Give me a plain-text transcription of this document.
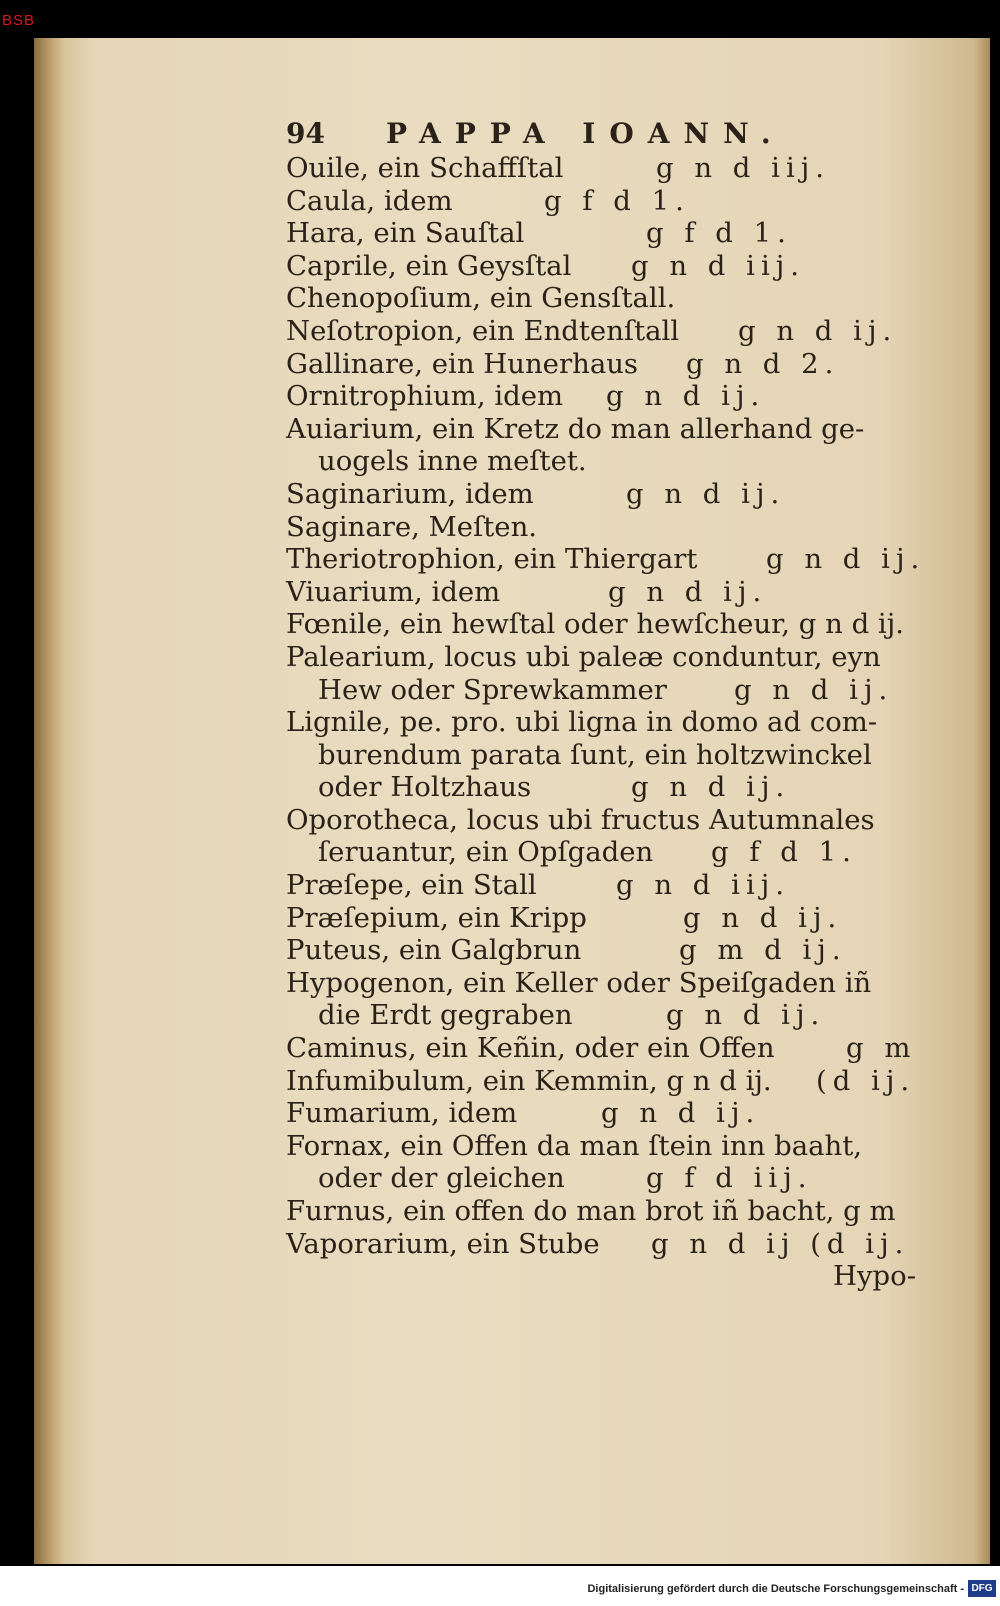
BSB
94	PAPPA IOANN.
Ouile, ein Schaffſtal	g n d iij.
Caula, idem	g f d 1.
Hara, ein Sauſtal	g f d 1.
Caprile, ein Geysſtal g n d iij.
Chenopoſium, ein Gensſtall.
Neſotropion, ein Endtenſtall g n d ij.
Gallinare, ein Hunerhaus g n d 2.
Ornitrophium, idem g n d ij.
Auiarium, ein Kretz do man allerhand ge-
uogels inne meſtet.
Saginarium, idem	g n d ij.
Saginare, Meſten.
Theriotrophion, ein Thiergart g n d ij.
Viuarium, idem	g n d ij.
Fœnile, ein hewſtal oder hewſcheur, g n d ij.
Palearium, locus ubi paleæ conduntur, eyn
Hew oder Sprewkammer g n d ij.
Lignile, pe. pro. ubi ligna in domo ad com-
burendum parata ſunt, ein holtzwinckel
oder Holtzhaus	g n d ij.
Oporotheca, locus ubi fructus Autumnales
ſeruantur, ein Opſgaden g f d 1.
Præſepe, ein Stall	g n d iij.
Præſepium, ein Kripp	g n d ij.
Puteus, ein Galgbrun	g m d ij.
Hypogenon, ein Keller oder Speiſgaden iñ
die Erdt gegraben	g n d ij.
Caminus, ein Keñin, oder ein Offen	g m
Infumibulum, ein Kemmin, g n d ij. (d ij.
Fumarium, idem	g n d ij.
Fornax, ein Offen da man ſtein inn baaht,
oder der gleichen	g f d iij.
Furnus, ein offen do man brot iñ bacht, g m
Vaporarium, ein Stube g n d ij (d ij.
Hypo-
Digitalisierung gefördert durch die Deutsche Forschungsgemeinschaft - DFG
